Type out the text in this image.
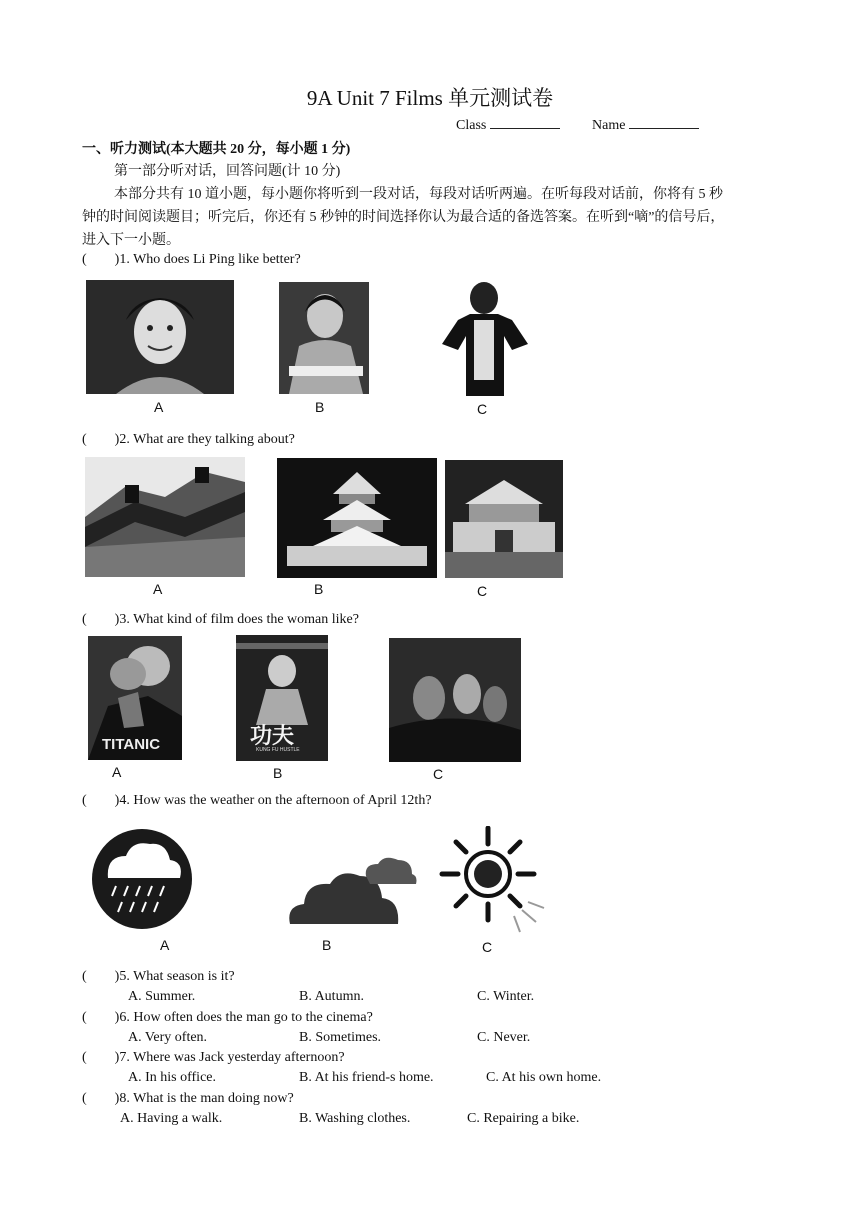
9A Unit 7 Films 单元测试卷
Class	Name
一、听力测试(本大题共 20 分，每小题 1 分)
第一部分听对话，回答问题(计 10 分)
本部分共有 10 道小题，每小题你将听到一段对话，每段对话听两遍。在听每段对话前，你将有 5 秒
钟的时间阅读题目；听完后，你还有 5 秒钟的时间选择你认为最合适的备选答案。在听到“嘀”的信号后，
进入下一小题。
( )1. Who does Li Ping like better?
A	B	C
( )2. What are they talking about?
A	B	C
( )3. What kind of film does the woman like?
TITANIC	功夫
KUNG FU HUSTLE
A	B	C
( )4. How was the weather on the afternoon of April 12th?
A	B	C
( )5. What season is it?
A. Summer.	B. Autumn.	C. Winter.
( )6. How often does the man go to the cinema?
A. Very often.	B. Sometimes.	C. Never.
( )7. Where was Jack yesterday afternoon?
A. In his office.	B. At his friend-s home.	C. At his own home.
( )8. What is the man doing now?
A. Having a walk.	B. Washing clothes.	C. Repairing a bike.
